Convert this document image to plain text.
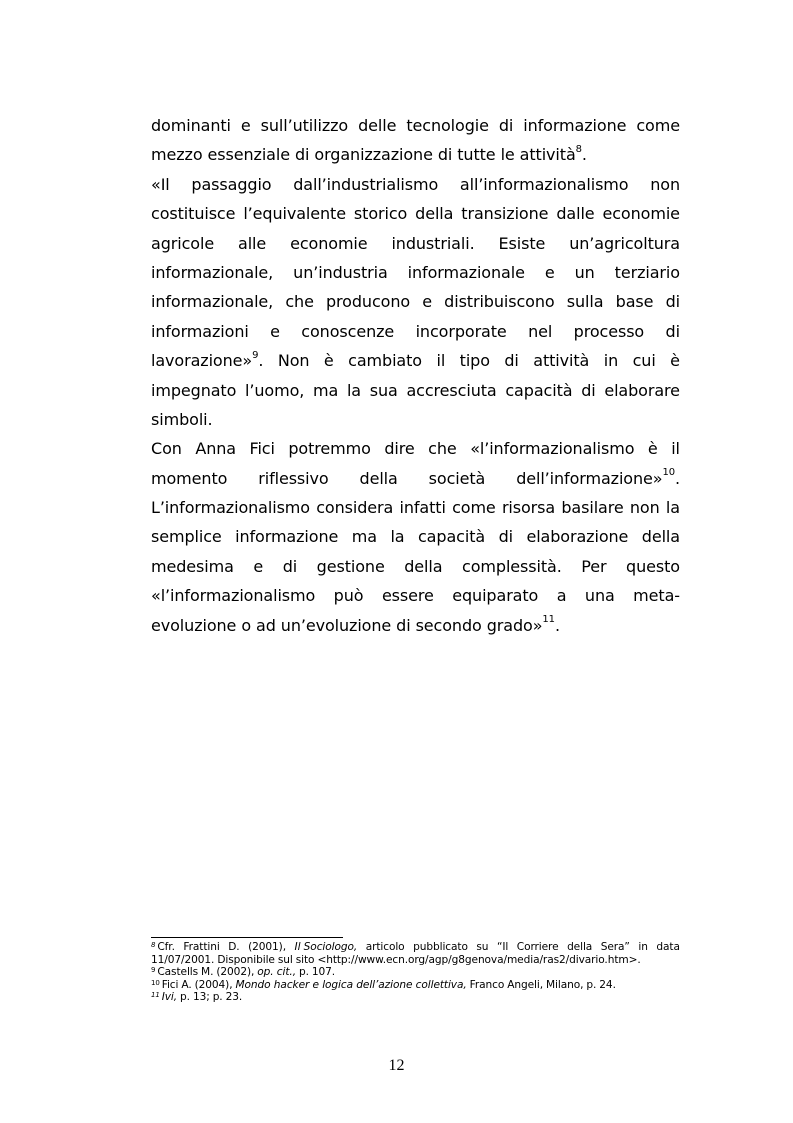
dominanti e sull’utilizzo delle tecnologie di informazione come
mezzo essenziale di organizzazione di tutte le attività$^8$.
«Il passaggio dall’industrialismo all’informazionalismo non
costituisce l’equivalente storico della transizione dalle economie
agricole alle economie industriali. Esiste un’agricoltura
informazionale, un’industria informazionale e un terziario
informazionale, che producono e distribuiscono sulla base di
informazioni e conoscenze incorporate nel processo di
lavorazione»$^9$. Non è cambiato il tipo di attività in cui è
impegnato l’uomo, ma la sua accresciuta capacità di elaborare
simboli.
Con Anna Fici potremmo dire che «l’informazionalismo è il
momento riflessivo della società dell’informazione»$^{10}$.
L’informazionalismo considera infatti come risorsa basilare non la
semplice informazione ma la capacità di elaborazione della
medesima e di gestione della complessità. Per questo
«l’informazionalismo può essere equiparato a una meta-
evoluzione o ad un’evoluzione di secondo grado»$^{11}$.
$^8$ Cfr. Frattini D. (2001), Il Sociologo, articolo pubblicato su “Il Corriere della Sera” in data
11/07/2001. Disponibile sul sito <http://www.ecn.org/agp/g8genova/media/ras2/divario.htm>.
$^9$ Castells M. (2002), op. cit., p. 107.
$^{10}$ Fici A. (2004), Mondo hacker e logica dell’azione collettiva, Franco Angeli, Milano, p. 24.
$^{11}$ Ivi, p. 13; p. 23.
12
